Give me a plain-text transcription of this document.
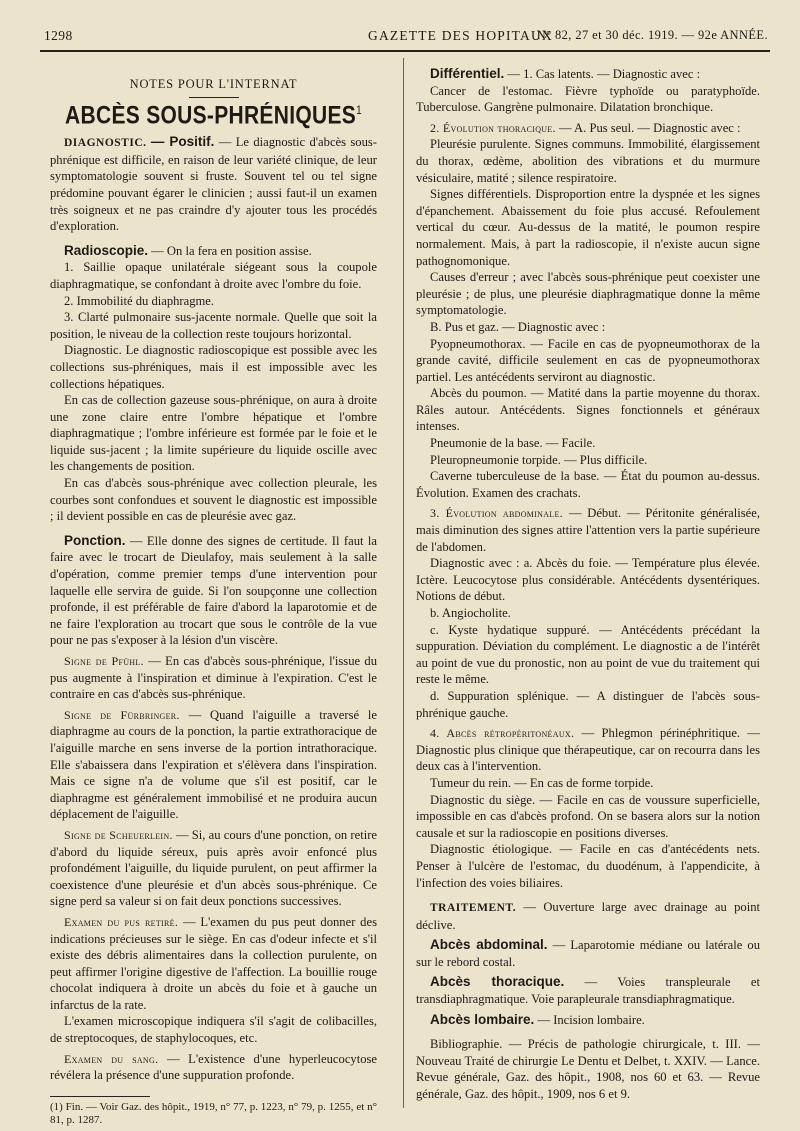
1298	GAZETTE DES HOPITAUX
N° 82, 27 et 30 déc. 1919. — 92e ANNÉE.
NOTES POUR L'INTERNAT
ABCÈS SOUS-PHRÉNIQUES$^1$

DIAGNOSTIC. — Positif. — Le diagnostic d'abcès sous-phrénique est difficile, en raison de leur variété clinique, de leur symptomatologie souvent si fruste. Souvent tel ou tel signe prédomine pouvant égarer le clinicien ; aussi faut-il un examen très soigneux et ne pas craindre d'y ajouter tous les procédés d'exploration.

Radioscopie. — On la fera en position assise.

1. Saillie opaque unilatérale siégeant sous la coupole diaphragmatique, se confondant à droite avec l'ombre du foie.

2. Immobilité du diaphragme.

3. Clarté pulmonaire sus-jacente normale. Quelle que soit la position, le niveau de la collection reste toujours horizontal.

Diagnostic. Le diagnostic radioscopique est possible avec les collections sus-phréniques, mais il est impossible avec les collections hépatiques.

En cas de collection gazeuse sous-phrénique, on aura à droite une zone claire entre l'ombre hépatique et l'ombre diaphragmatique ; l'ombre inférieure est formée par le foie et le liquide sus-jacent ; la limite supérieure du liquide oscille avec les changements de position.

En cas d'abcès sous-phrénique avec collection pleurale, les courbes sont confondues et souvent le diagnostic est impossible ; il devient possible en cas de pleurésie avec gaz.

Ponction. — Elle donne des signes de certitude. Il faut la faire avec le trocart de Dieulafoy, mais seulement à la salle d'opération, comme premier temps d'une intervention pour laquelle elle servira de guide. Si l'on soupçonne une collection profonde, il est préférable de faire d'abord la laparotomie et de ne faire l'exploration au trocart que sous le contrôle de la vue pour ne pas s'exposer à la lésion d'un viscère.

Signe de Pfühl. — En cas d'abcès sous-phrénique, l'issue du pus augmente à l'inspiration et diminue à l'expiration. C'est le contraire en cas d'abcès sus-phrénique.

Signe de Fürbringer. — Quand l'aiguille a traversé le diaphragme au cours de la ponction, la partie extrathoracique de l'aiguille marche en sens inverse de la portion intrathoracique. Elle s'abaissera dans l'expiration et s'élèvera dans l'inspiration. Mais ce signe n'a de volume que s'il est positif, car le diaphragme est généralement immobilisé et ne produira aucun déplacement de l'aiguille.

Signe de Scheuerlein. — Si, au cours d'une ponction, on retire d'abord du liquide séreux, puis après avoir enfoncé plus profondément l'aiguille, du liquide purulent, on peut affirmer la coexistence d'une pleurésie et d'un abcès sous-phrénique. Ce signe perd sa valeur si on fait deux ponctions successives.

Examen du pus retiré. — L'examen du pus peut donner des indications précieuses sur le siège. En cas d'odeur infecte et s'il existe des débris alimentaires dans la collection purulente, on peut affirmer l'origine digestive de l'affection. La bouillie rouge chocolat indiquera à droite un abcès du foie et à gauche un infarctus de la rate.

L'examen microscopique indiquera s'il s'agit de colibacilles, de streptocoques, de staphylocoques, etc.

Examen du sang. — L'existence d'une hyperleucocytose révélera la présence d'une suppuration profonde.

(1) Fin. — Voir Gaz. des hôpit., 1919, n° 77, p. 1223, n° 79, p. 1255, et n° 81, p. 1287.

Différentiel. — 1. Cas latents. — Diagnostic avec :

Cancer de l'estomac. Fièvre typhoïde ou paratyphoïde. Tuberculose. Gangrène pulmonaire. Dilatation bronchique.

2. Évolution thoracique. — A. Pus seul. — Diagnostic avec :

Pleurésie purulente. Signes communs. Immobilité, élargissement du thorax, œdème, abolition des vibrations et du murmure vésiculaire, matité ; silence respiratoire.

Signes différentiels. Disproportion entre la dyspnée et les signes d'épanchement. Abaissement du foie plus accusé. Refoulement vertical du cœur. Au-dessus de la matité, le poumon respire normalement. Mais, à part la radioscopie, il n'existe aucun signe pathognomonique.

Causes d'erreur ; avec l'abcès sous-phrénique peut coexister une pleurésie ; de plus, une pleurésie diaphragmatique donne la même symptomatologie.

B. Pus et gaz. — Diagnostic avec :

Pyopneumothorax. — Facile en cas de pyopneumothorax de la grande cavité, difficile seulement en cas de pyopneumothorax partiel. Les antécédents serviront au diagnostic.

Abcès du poumon. — Matité dans la partie moyenne du thorax. Râles autour. Antécédents. Signes fonctionnels et généraux intenses.

Pneumonie de la base. — Facile.

Pleuropneumonie torpide. — Plus difficile.

Caverne tuberculeuse de la base. — État du poumon au-dessus. Évolution. Examen des crachats.

3. Évolution abdominale. — Début. — Péritonite généralisée, mais diminution des signes attire l'attention vers la partie supérieure de l'abdomen.

Diagnostic avec : a. Abcès du foie. — Température plus élevée. Ictère. Leucocytose plus considérable. Antécédents dysentériques. Notions de début.

b. Angiocholite.

c. Kyste hydatique suppuré. — Antécédents précédant la suppuration. Déviation du complément. Le diagnostic a de l'intérêt au point de vue du pronostic, non au point de vue du traitement qui reste le même.

d. Suppuration splénique. — A distinguer de l'abcès sous-phrénique gauche.

4. Abcès rétropéritonéaux. — Phlegmon périnéphritique. — Diagnostic plus clinique que thérapeutique, car on recourra dans les deux cas à l'intervention.

Tumeur du rein. — En cas de forme torpide.

Diagnostic du siège. — Facile en cas de voussure superficielle, impossible en cas d'abcès profond. On se basera alors sur la notion causale et sur la radioscopie en positions diverses.

Diagnostic étiologique. — Facile en cas d'antécédents nets. Penser à l'ulcère de l'estomac, du duodénum, à l'appendicite, à l'infection des voies biliaires.

TRAITEMENT. — Ouverture large avec drainage au point déclive.

Abcès abdominal. — Laparotomie médiane ou latérale ou sur le rebord costal.

Abcès thoracique. — Voies transpleurale et transdiaphragmatique. Voie parapleurale transdiaphragmatique.

Abcès lombaire. — Incision lombaire.

Bibliographie. — Précis de pathologie chirurgicale, t. III. — Nouveau Traité de chirurgie Le Dentu et Delbet, t. XXIV. — Lance. Revue générale, Gaz. des hôpit., 1908, nos 60 et 63. — Revue générale, Gaz. des hôpit., 1909, nos 6 et 9.
